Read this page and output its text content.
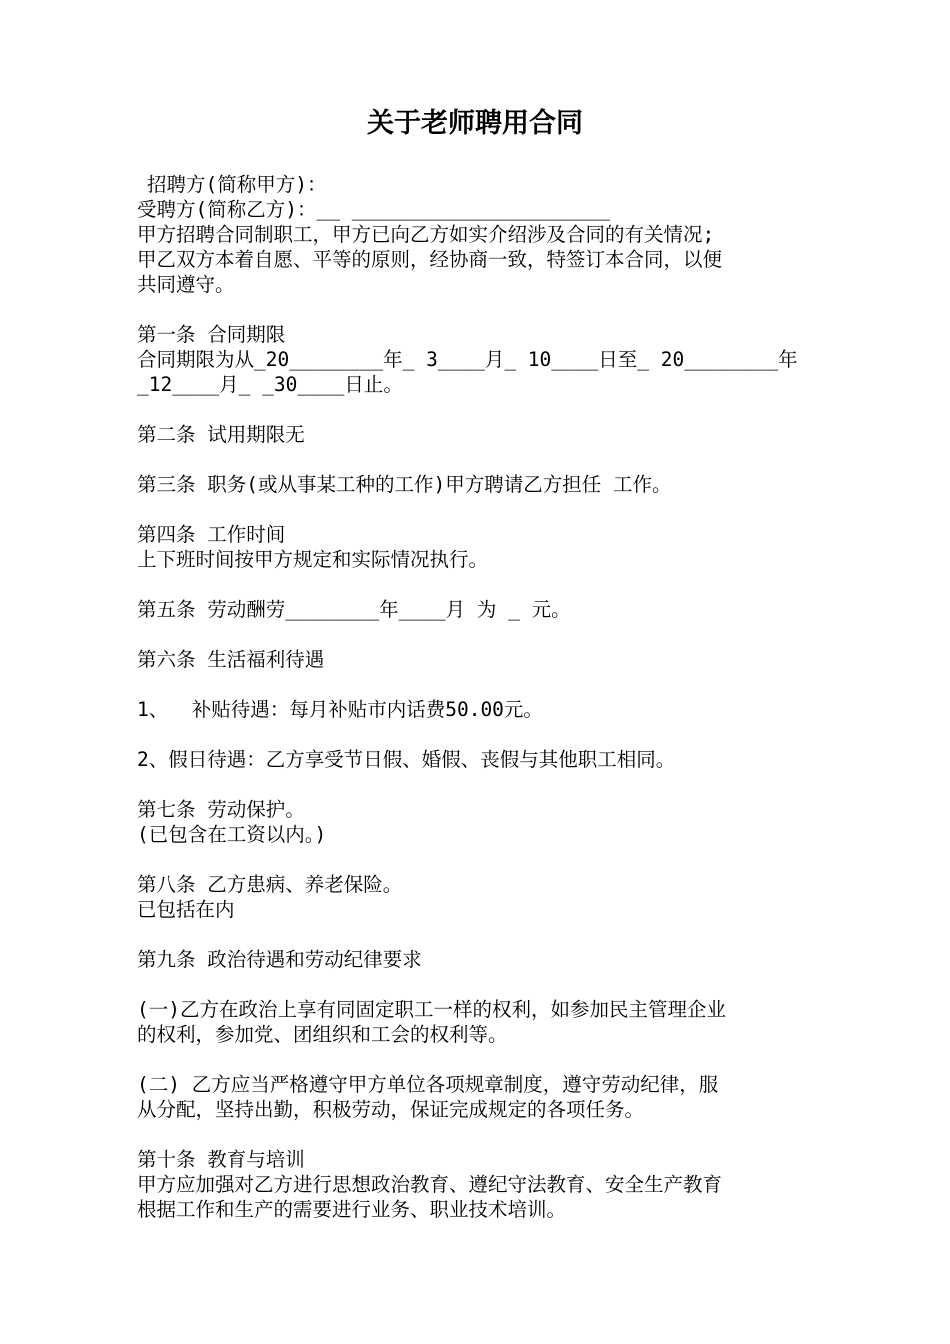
关于老师聘用合同
招聘方(简称甲方)：
受聘方(简称乙方)：__ ______________________
甲方招聘合同制职工，甲方已向乙方如实介绍涉及合同的有关情况;
甲乙双方本着自愿、平等的原则，经协商一致，特签订本合同，以便
共同遵守。
第一条 合同期限
合同期限为从_20________年_ 3____月_ 10____日至_ 20________年
_12____月_ _30____日止。
第二条 试用期限无
第三条 职务(或从事某工种的工作)甲方聘请乙方担任 工作。
第四条 工作时间
上下班时间按甲方规定和实际情况执行。
第五条 劳动酬劳________年____月 为 _ 元。
第六条 生活福利待遇
1、  补贴待遇：每月补贴市内话费50.00元。
2、假日待遇：乙方享受节日假、婚假、丧假与其他职工相同。
第七条 劳动保护。
(已包含在工资以内。)
第八条 乙方患病、养老保险。
已包括在内
第九条 政治待遇和劳动纪律要求
(一)乙方在政治上享有同固定职工一样的权利，如参加民主管理企业
的权利，参加党、团组织和工会的权利等。
(二) 乙方应当严格遵守甲方单位各项规章制度，遵守劳动纪律，服
从分配，坚持出勤，积极劳动，保证完成规定的各项任务。
第十条 教育与培训
甲方应加强对乙方进行思想政治教育、遵纪守法教育、安全生产教育
根据工作和生产的需要进行业务、职业技术培训。
